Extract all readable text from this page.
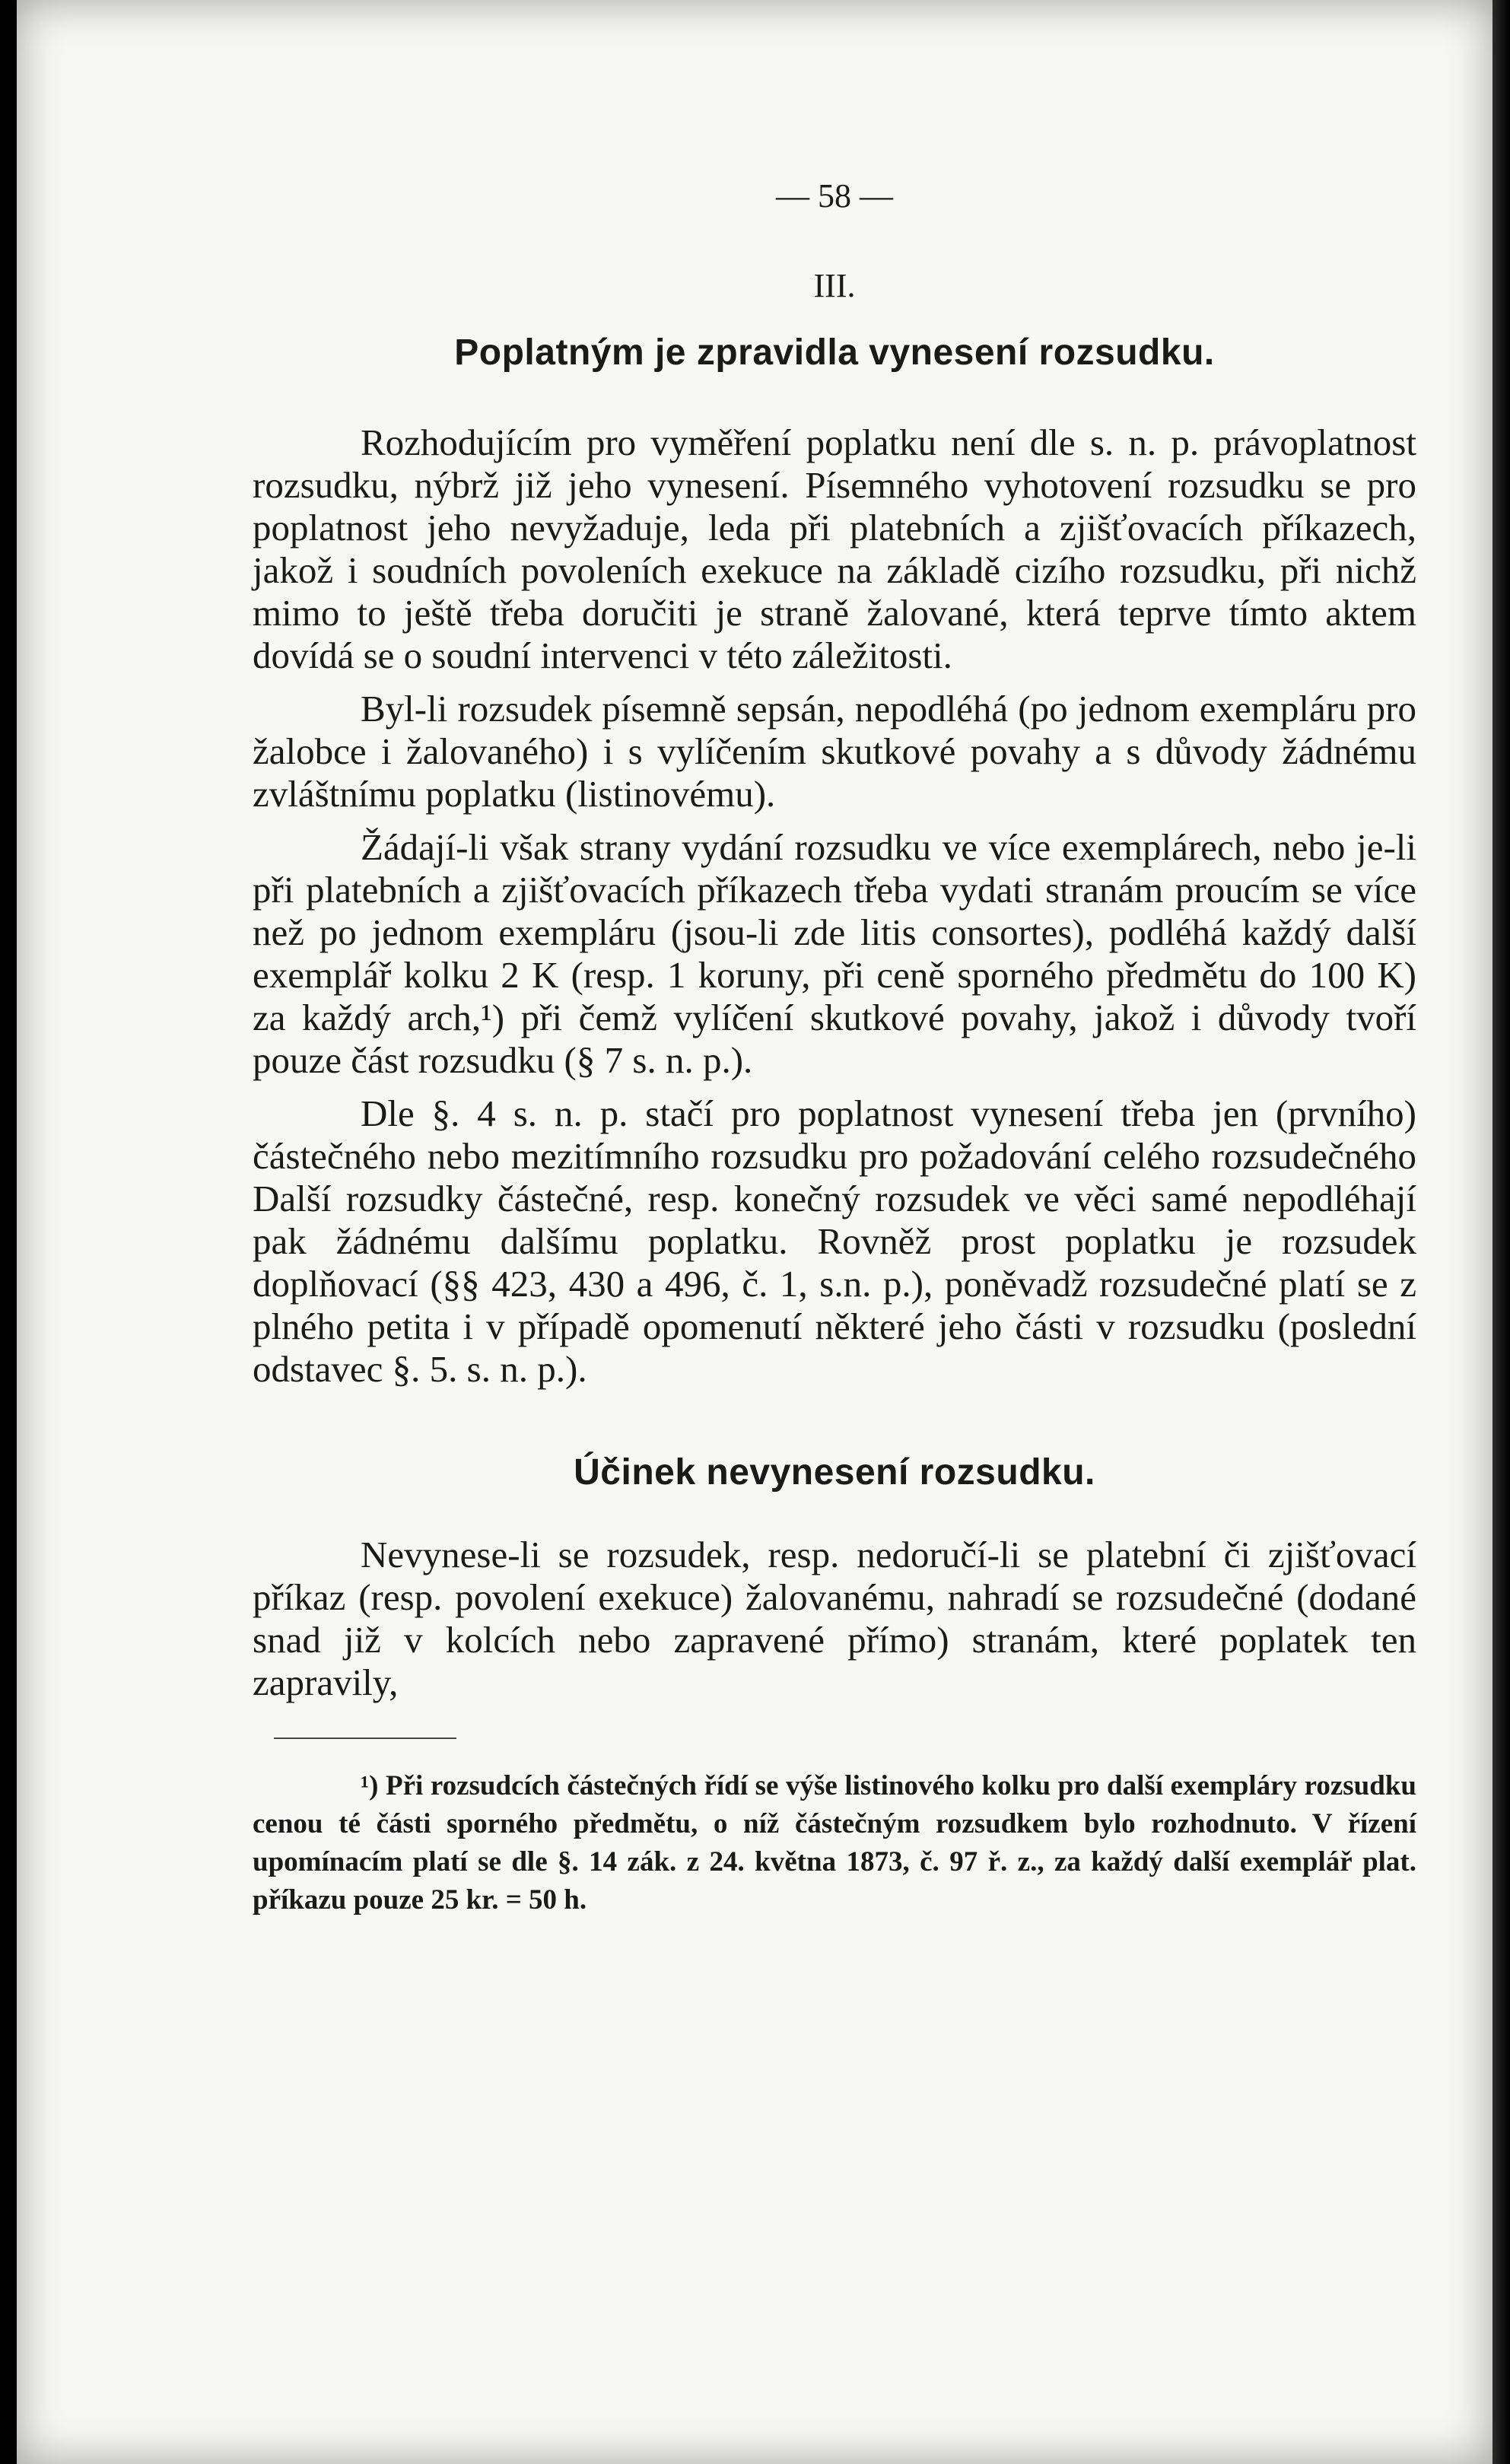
— 58 —
III.
Poplatným je zpravidla vynesení rozsudku.

Rozhodujícím pro vyměření poplatku není dle s. n. p. právoplatnost rozsudku, nýbrž již jeho vynesení. Písemného vyhotovení rozsudku se pro poplatnost jeho nevyžaduje, leda při platebních a zjišťovacích příkazech, jakož i soudních povoleních exekuce na základě cizího rozsudku, při nichž mimo to ještě třeba doručiti je straně žalované, která teprve tímto aktem dovídá se o soudní intervenci v této záležitosti.

Byl-li rozsudek písemně sepsán, nepodléhá (po jednom exempláru pro žalobce i žalovaného) i s vylíčením skutkové povahy a s důvody žádnému zvláštnímu poplatku (listinovému).

Žádají-li však strany vydání rozsudku ve více exemplárech, nebo je-li při platebních a zjišťovacích příkazech třeba vydati stranám proucím se více než po jednom exempláru (jsou-li zde litis consortes), podléhá každý další exemplář kolku 2 K (resp. 1 koruny, při ceně sporného předmětu do 100 K) za každý arch,¹) při čemž vylíčení skutkové povahy, jakož i důvody tvoří pouze část rozsudku (§ 7 s. n. p.).

Dle §. 4 s. n. p. stačí pro poplatnost vynesení třeba jen (prvního) částečného nebo mezitímního rozsudku pro požadování celého rozsudečného Další rozsudky částečné, resp. konečný rozsudek ve věci samé nepodléhají pak žádnému dalšímu poplatku. Rovněž prost poplatku je rozsudek doplňovací (§§ 423, 430 a 496, č. 1, s.n. p.), poněvadž rozsudečné platí se z plného petita i v případě opomenutí některé jeho části v rozsudku (poslední odstavec §. 5. s. n. p.).

Účinek nevynesení rozsudku.

Nevynese-li se rozsudek, resp. nedoručí-li se platební či zjišťovací příkaz (resp. povolení exekuce) žalovanému, nahradí se rozsudečné (dodané snad již v kolcích nebo zapravené přímo) stranám, které poplatek ten zapravily,

¹) Při rozsudcích částečných řídí se výše listinového kolku pro další exempláry rozsudku cenou té části sporného předmětu, o níž částečným rozsudkem bylo rozhodnuto. V řízení upomínacím platí se dle §. 14 zák. z 24. května 1873, č. 97 ř. z., za každý další exemplář plat. příkazu pouze 25 kr. = 50 h.
